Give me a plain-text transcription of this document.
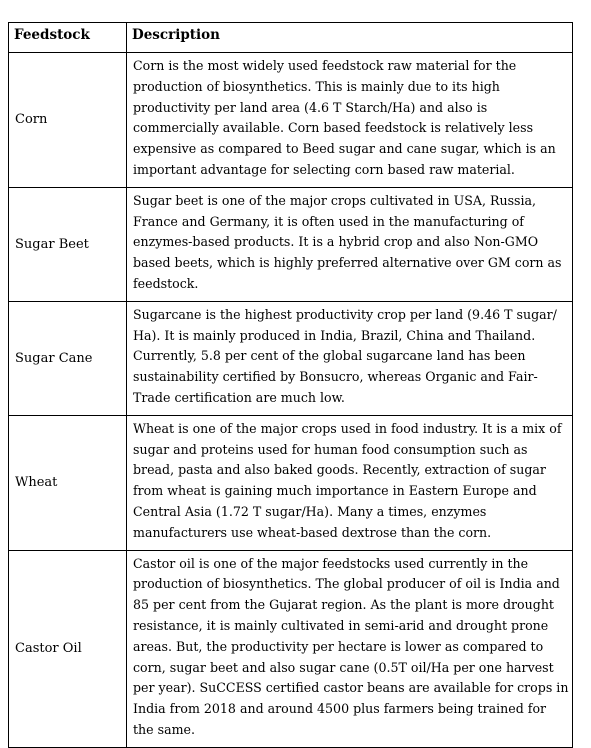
Feedstock	Description

Corn	Corn is the most widely used feedstock raw material for the production of biosynthetics. This is mainly due to its high productivity per land area (4.6 T Starch/Ha) and also is commercially available. Corn based feedstock is relatively less expensive as compared to Beed sugar and cane sugar, which is an important advantage for selecting corn based raw material.

Sugar Beet	Sugar beet is one of the major crops cultivated in USA, Russia, France and Germany, it is often used in the manufacturing of enzymes-based products. It is a hybrid crop and also Non-GMO based beets, which is highly preferred alternative over GM corn as feedstock.

Sugar Cane	Sugarcane is the highest productivity crop per land (9.46 T sugar/ Ha). It is mainly produced in India, Brazil, China and Thailand. Currently, 5.8 per cent of the global sugarcane land has been sustainability certified by Bonsucro, whereas Organic and Fair-Trade certification are much low.

Wheat	Wheat is one of the major crops used in food industry. It is a mix of sugar and proteins used for human food consumption such as bread, pasta and also baked goods. Recently, extraction of sugar from wheat is gaining much importance in Eastern Europe and Central Asia (1.72 T sugar/Ha). Many a times, enzymes manufacturers use wheat-based dextrose than the corn.

Castor Oil	Castor oil is one of the major feedstocks used currently in the production of biosynthetics. The global producer of oil is India and 85 per cent from the Gujarat region. As the plant is more drought resistance, it is mainly cultivated in semi-arid and drought prone areas. But, the productivity per hectare is lower as compared to corn, sugar beet and also sugar cane (0.5T oil/Ha per one harvest per year). SuCCESS certified castor beans are available for crops in India from 2018 and around 4500 plus farmers being trained for the same.
